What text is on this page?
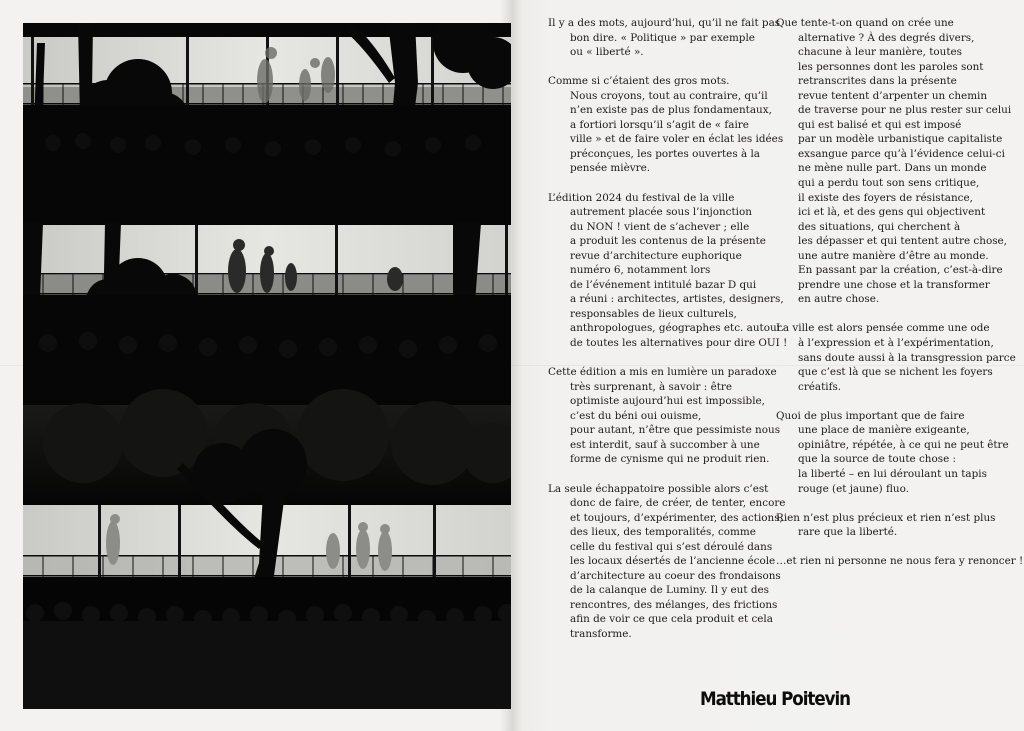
Il y a des mots, aujourd’hui, qu’il ne fait pas
bon dire. « Politique » par exemple
ou « liberté ».
Comme si c’étaient des gros mots.
Nous croyons, tout au contraire, qu’il
n’en existe pas de plus fondamentaux,
a fortiori lorsqu’il s’agit de « faire
ville » et de faire voler en éclat les idées
préconçues, les portes ouvertes à la
pensée mièvre.
L’édition 2024 du festival de la ville
autrement placée sous l’injonction
du NON ! vient de s’achever ; elle
a produit les contenus de la présente
revue d’architecture euphorique
numéro 6, notamment lors
de l’événement intitulé bazar D qui
a réuni : architectes, artistes, designers,
responsables de lieux culturels,
anthropologues, géographes etc. autour
de toutes les alternatives pour dire OUI !
Cette édition a mis en lumière un paradoxe
très surprenant, à savoir : être
optimiste aujourd’hui est impossible,
c’est du béni oui ouisme,
pour autant, n’être que pessimiste nous
est interdit, sauf à succomber à une
forme de cynisme qui ne produit rien.
La seule échappatoire possible alors c’est
donc de faire, de créer, de tenter, encore
et toujours, d’expérimenter, des actions,
des lieux, des temporalités, comme
celle du festival qui s’est déroulé dans
les locaux désertés de l’ancienne école
d’architecture au coeur des frondaisons
de la calanque de Luminy. Il y eut des
rencontres, des mélanges, des frictions
afin de voir ce que cela produit et cela
transforme.
Que tente-t-on quand on crée une
alternative ? À des degrés divers,
chacune à leur manière, toutes
les personnes dont les paroles sont
retranscrites dans la présente
revue tentent d’arpenter un chemin
de traverse pour ne plus rester sur celui
qui est balisé et qui est imposé
par un modèle urbanistique capitaliste
exsangue parce qu’à l’évidence celui-ci
ne mène nulle part. Dans un monde
qui a perdu tout son sens critique,
il existe des foyers de résistance,
ici et là, et des gens qui objectivent
des situations, qui cherchent à
les dépasser et qui tentent autre chose,
une autre manière d’être au monde.
En passant par la création, c’est-à-dire
prendre une chose et la transformer
en autre chose.
La ville est alors pensée comme une ode
à l’expression et à l’expérimentation,
sans doute aussi à la transgression parce
que c’est là que se nichent les foyers
créatifs.
Quoi de plus important que de faire
une place de manière exigeante,
opiniâtre, répétée, à ce qui ne peut être
que la source de toute chose :
la liberté – en lui déroulant un tapis
rouge (et jaune) fluo.
Rien n’est plus précieux et rien n’est plus
rare que la liberté.
…et rien ni personne ne nous fera y renoncer !
Matthieu Poitevin
